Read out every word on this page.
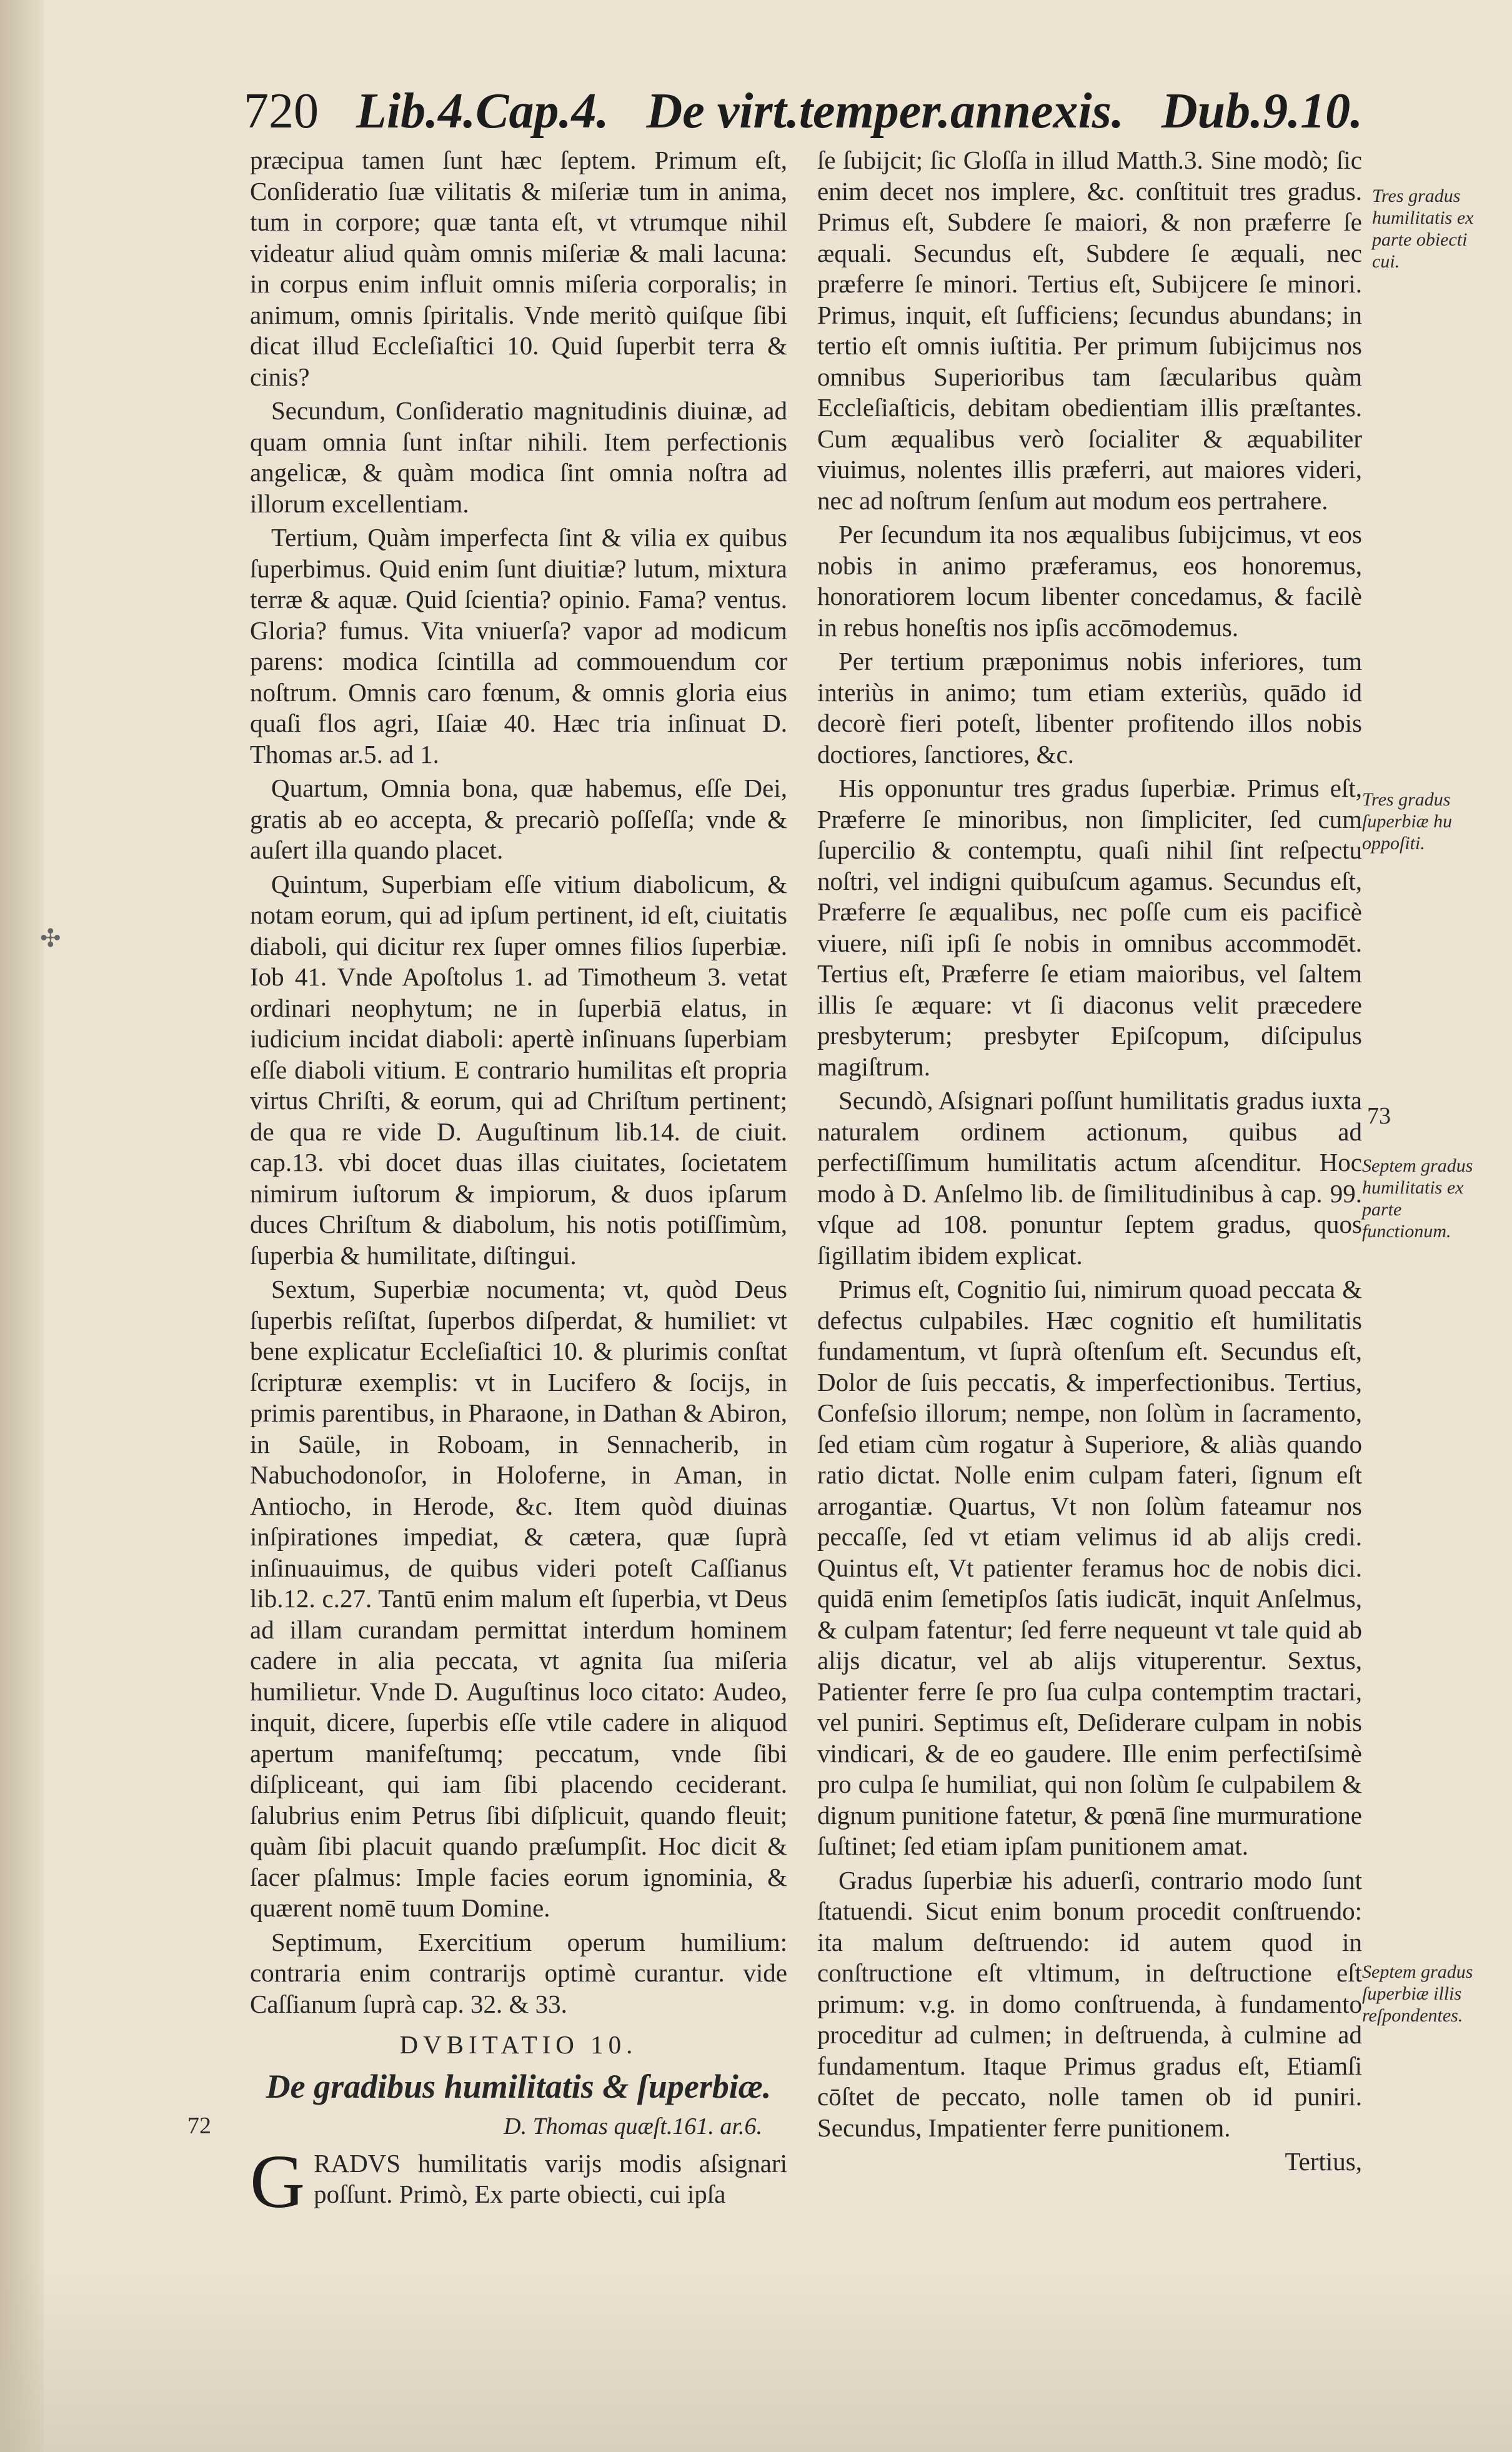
✣
720 Lib.4.Cap.4. De virt.temper.annexis. Dub.9.10.

præcipua tamen ſunt hæc ſeptem. Primum eſt, Conſideratio ſuæ vilitatis & miſeriæ tum in anima, tum in corpore; quæ tanta eſt, vt vtrumque nihil videatur aliud quàm omnis miſeriæ & mali lacuna: in corpus enim influit omnis miſeria corporalis; in animum, omnis ſpiritalis. Vnde meritò quiſque ſibi dicat illud Eccleſiaſtici 10. Quid ſuperbit terra & cinis?

Secundum, Conſideratio magnitudinis diuinæ, ad quam omnia ſunt inſtar nihili. Item perfectionis angelicæ, & quàm modica ſint omnia noſtra ad illorum excellentiam.

Tertium, Quàm imperfecta ſint & vilia ex quibus ſuperbimus. Quid enim ſunt diuitiæ? lutum, mixtura terræ & aquæ. Quid ſcientia? opinio. Fama? ventus. Gloria? fumus. Vita vniuerſa? vapor ad modicum parens: modica ſcintilla ad commouendum cor noſtrum. Omnis caro fœnum, & omnis gloria eius quaſi flos agri, Iſaiæ 40. Hæc tria inſinuat D. Thomas ar.5. ad 1.

Quartum, Omnia bona, quæ habemus, eſſe Dei, gratis ab eo accepta, & precariò poſſeſſa; vnde & auſert illa quando placet.

Quintum, Superbiam eſſe vitium diabolicum, & notam eorum, qui ad ipſum pertinent, id eſt, ciuitatis diaboli, qui dicitur rex ſuper omnes filios ſuperbiæ. Iob 41. Vnde Apoſtolus 1. ad Timotheum 3. vetat ordinari neophytum; ne in ſuperbiā elatus, in iudicium incidat diaboli: apertè inſinuans ſuperbiam eſſe diaboli vitium. E contrario humilitas eſt propria virtus Chriſti, & eorum, qui ad Chriſtum pertinent; de qua re vide D. Auguſtinum lib.14. de ciuit. cap.13. vbi docet duas illas ciuitates, ſocietatem nimirum iuſtorum & impiorum, & duos ipſarum duces Chriſtum & diabolum, his notis potiſſimùm, ſuperbia & humilitate, diſtingui.

Sextum, Superbiæ nocumenta; vt, quòd Deus ſuperbis reſiſtat, ſuperbos diſperdat, & humiliet: vt bene explicatur Eccleſiaſtici 10. & plurimis conſtat ſcripturæ exemplis: vt in Lucifero & ſocijs, in primis parentibus, in Pharaone, in Dathan & Abiron, in Saüle, in Roboam, in Sennacherib, in Nabuchodonoſor, in Holoferne, in Aman, in Antiocho, in Herode, &c. Item quòd diuinas inſpirationes impediat, & cætera, quæ ſuprà inſinuauimus, de quibus videri poteſt Caſſianus lib.12. c.27. Tantū enim malum eſt ſuperbia, vt Deus ad illam curandam permittat interdum hominem cadere in alia peccata, vt agnita ſua miſeria humilietur. Vnde D. Auguſtinus loco citato: Audeo, inquit, dicere, ſuperbis eſſe vtile cadere in aliquod apertum manifeſtumq; peccatum, vnde ſibi diſpliceant, qui iam ſibi placendo ceciderant. ſalubrius enim Petrus ſibi diſplicuit, quando fleuit; quàm ſibi placuit quando præſumpſit. Hoc dicit & ſacer pſalmus: Imple facies eorum ignominia, & quærent nomē tuum Domine.

Septimum, Exercitium operum humilium: contraria enim contrarijs optimè curantur. vide Caſſianum ſuprà cap. 32. & 33.

DVBITATIO 10.
De gradibus humilitatis & ſuperbiæ.
D. Thomas quæſt.161. ar.6.

GRADVS humilitatis varijs modis aſsignari poſſunt. Primò, Ex parte obiecti, cui ipſa

ſe ſubijcit; ſic Gloſſa in illud Matth.3. Sine modò; ſic enim decet nos implere, &c. conſtituit tres gradus. Primus eſt, Subdere ſe maiori, & non præferre ſe æquali. Secundus eſt, Subdere ſe æquali, nec præferre ſe minori. Tertius eſt, Subijcere ſe minori. Primus, inquit, eſt ſufficiens; ſecundus abundans; in tertio eſt omnis iuſtitia. Per primum ſubijcimus nos omnibus Superioribus tam ſæcularibus quàm Eccleſiaſticis, debitam obedientiam illis præſtantes. Cum æqualibus verò ſocialiter & æquabiliter viuimus, nolentes illis præferri, aut maiores videri, nec ad noſtrum ſenſum aut modum eos pertrahere.

Per ſecundum ita nos æqualibus ſubijcimus, vt eos nobis in animo præferamus, eos honoremus, honoratiorem locum libenter concedamus, & facilè in rebus honeſtis nos ipſis accōmodemus.

Per tertium præponimus nobis inferiores, tum interiùs in animo; tum etiam exteriùs, quādo id decorè fieri poteſt, libenter profitendo illos nobis doctiores, ſanctiores, &c.

His opponuntur tres gradus ſuperbiæ. Primus eſt, Præferre ſe minoribus, non ſimpliciter, ſed cum ſupercilio & contemptu, quaſi nihil ſint reſpectu noſtri, vel indigni quibuſcum agamus. Secundus eſt, Præferre ſe æqualibus, nec poſſe cum eis pacificè viuere, niſi ipſi ſe nobis in omnibus accommodēt. Tertius eſt, Præferre ſe etiam maioribus, vel ſaltem illis ſe æquare: vt ſi diaconus velit præcedere presbyterum; presbyter Epiſcopum, diſcipulus magiſtrum.

Secundò, Aſsignari poſſunt humilitatis gradus iuxta naturalem ordinem actionum, quibus ad perfectiſſimum humilitatis actum aſcenditur. Hoc modo à D. Anſelmo lib. de ſimilitudinibus à cap. 99. vſque ad 108. ponuntur ſeptem gradus, quos ſigillatim ibidem explicat.

Primus eſt, Cognitio ſui, nimirum quoad peccata & defectus culpabiles. Hæc cognitio eſt humilitatis fundamentum, vt ſuprà oſtenſum eſt. Secundus eſt, Dolor de ſuis peccatis, & imperfectionibus. Tertius, Confeſsio illorum; nempe, non ſolùm in ſacramento, ſed etiam cùm rogatur à Superiore, & aliàs quando ratio dictat. Nolle enim culpam fateri, ſignum eſt arrogantiæ. Quartus, Vt non ſolùm fateamur nos peccaſſe, ſed vt etiam velimus id ab alijs credi. Quintus eſt, Vt patienter feramus hoc de nobis dici. quidā enim ſemetipſos ſatis iudicāt, inquit Anſelmus, & culpam fatentur; ſed ferre nequeunt vt tale quid ab alijs dicatur, vel ab alijs vituperentur. Sextus, Patienter ferre ſe pro ſua culpa contemptim tractari, vel puniri. Septimus eſt, Deſiderare culpam in nobis vindicari, & de eo gaudere. Ille enim perfectiſsimè pro culpa ſe humiliat, qui non ſolùm ſe culpabilem & dignum punitione fatetur, & pœnā ſine murmuratione ſuſtinet; ſed etiam ipſam punitionem amat.

Gradus ſuperbiæ his aduerſi, contrario modo ſunt ſtatuendi. Sicut enim bonum procedit conſtruendo: ita malum deſtruendo: id autem quod in conſtructione eſt vltimum, in deſtructione eſt primum: v.g. in domo conſtruenda, à fundamento proceditur ad culmen; in deſtruenda, à culmine ad fundamentum. Itaque Primus gradus eſt, Etiamſi cōſtet de peccato, nolle tamen ob id puniri. Secundus, Impatienter ferre punitionem.

Tertius,

Tres gradus humilitatis ex parte obiecti cui.
Tres gradus ſuperbiæ hu oppoſiti.
Septem gradus humilitatis ex parte functionum.
Septem gradus ſuperbiæ illis reſpondentes.
72
73
